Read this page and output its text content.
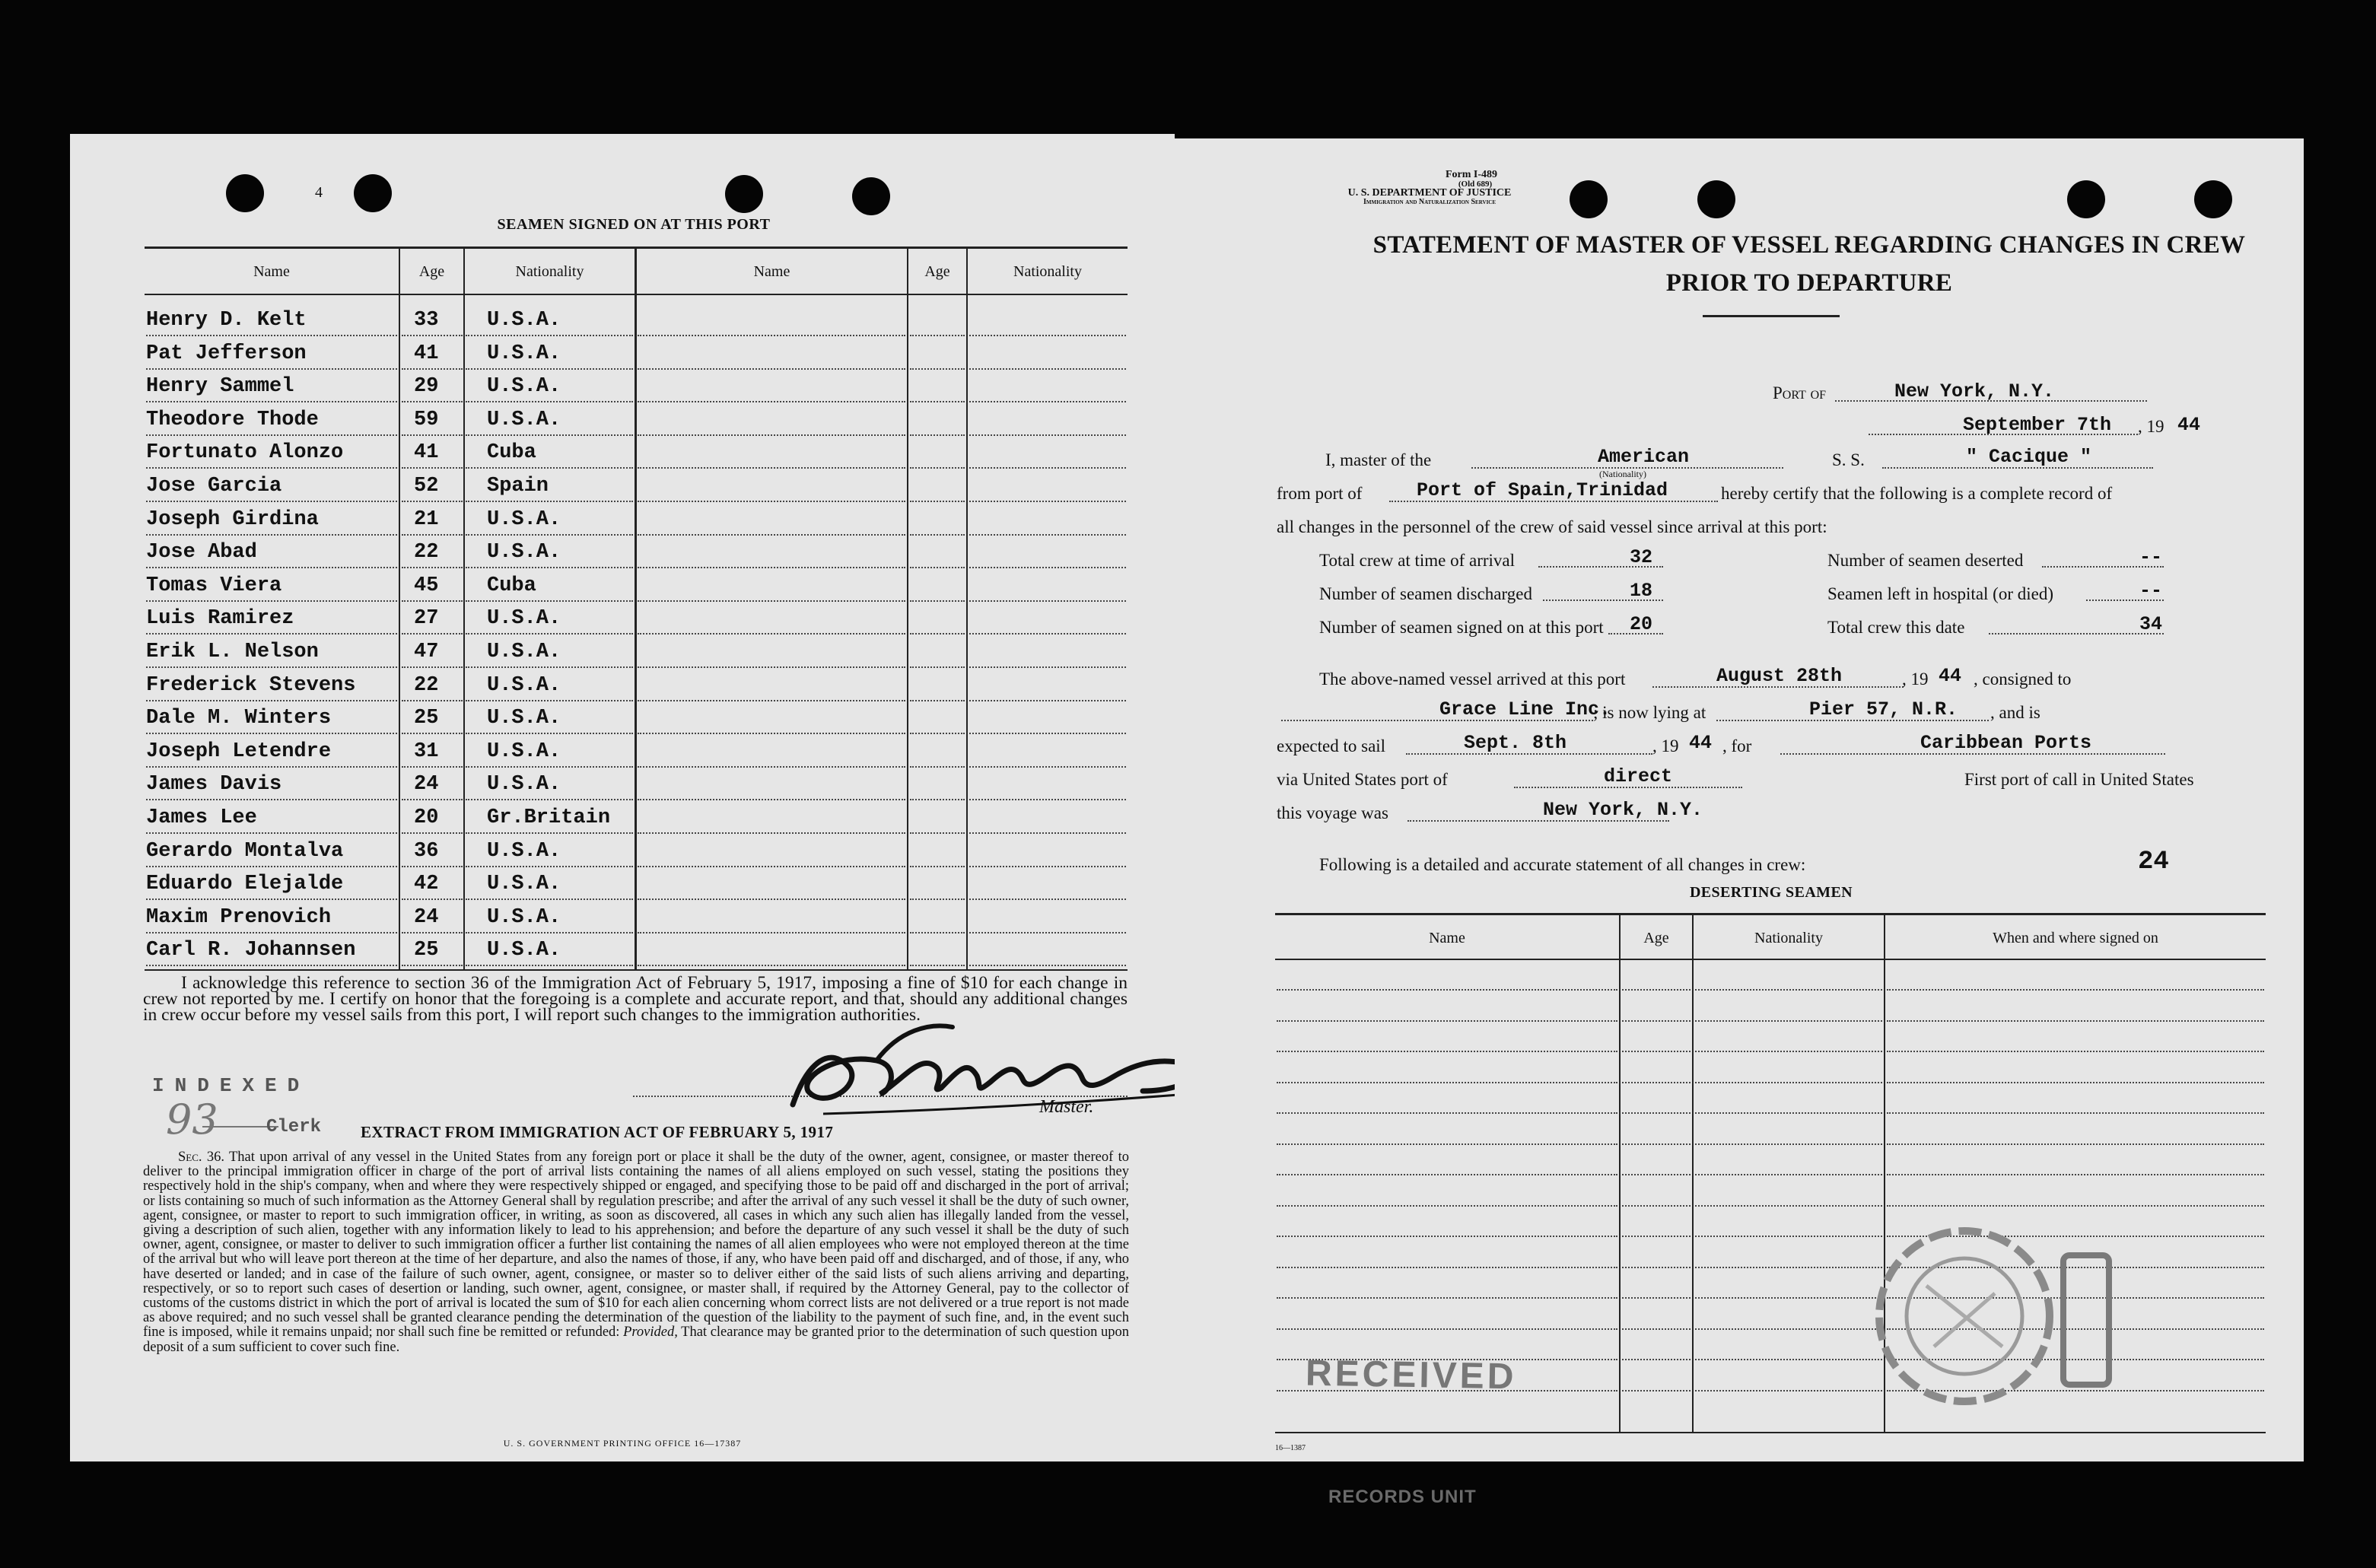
4
SEAMEN SIGNED ON AT THIS PORT
Name	Age	Nationality	Name	Age	Nationality
Henry D. Kelt	33 U.S.A.
Pat Jefferson	41 U.S.A.
Henry Sammel	29 U.S.A.
Theodore Thode	59 U.S.A.
Fortunato Alonzo	41 Cuba
Jose Garcia	52 Spain
Joseph Girdina	21 U.S.A.
Jose Abad	22 U.S.A.
Tomas Viera	45 Cuba
Luis Ramirez	27 U.S.A.
Erik L. Nelson	47 U.S.A.
Frederick Stevens	22 U.S.A.
Dale M. Winters	25 U.S.A.
Joseph Letendre	31 U.S.A.
James Davis	24 U.S.A.
James Lee	20 Gr.Britain
Gerardo Montalva	36 U.S.A.
Eduardo Elejalde	42 U.S.A.
Maxim Prenovich	24 U.S.A.
Carl R. Johannsen	25 U.S.A.
I acknowledge this reference to section 36 of the Immigration Act of February 5, 1917, imposing a fine of $10 for each change in crew not reported by me. I certify on honor that the foregoing is a complete and accurate report, and that, should any additional changes in crew occur before my vessel sails from this port, I will report such changes to the immigration authorities.
INDEXED
93	Clerk
Master.
EXTRACT FROM IMMIGRATION ACT OF FEBRUARY 5, 1917
Sec. 36. That upon arrival of any vessel in the United States from any foreign port or place it shall be the duty of the owner, agent, consignee, or master thereof to deliver to the principal immigration officer in charge of the port of arrival lists containing the names of all aliens employed on such vessel, stating the positions they respectively hold in the ship's company, when and where they were respectively shipped or engaged, and specifying those to be paid off and discharged in the port of arrival; or lists containing so much of such information as the Attorney General shall by regulation prescribe; and after the arrival of any such vessel it shall be the duty of such owner, agent, consignee, or master to report to such immigration officer, in writing, as soon as discovered, all cases in which any such alien has illegally landed from the vessel, giving a description of such alien, together with any information likely to lead to his apprehension; and before the departure of any such vessel it shall be the duty of such owner, agent, consignee, or master to deliver to such immigration officer a further list containing the names of all alien employees who were not employed thereon at the time of the arrival but who will leave port thereon at the time of her departure, and also the names of those, if any, who have been paid off and discharged, and of those, if any, who have deserted or landed; and in case of the failure of such owner, agent, consignee, or master so to deliver either of the said lists of such aliens arriving and departing, respectively, or so to report such cases of desertion or landing, such owner, agent, consignee, or master shall, if required by the Attorney General, pay to the collector of customs of the customs district in which the port of arrival is located the sum of $10 for each alien concerning whom correct lists are not delivered or a true report is not made as above required; and no such vessel shall be granted clearance pending the determination of the question of the liability to the payment of such fine, and, in the event such fine is imposed, while it remains unpaid; nor shall such fine be remitted or refunded: Provided, That clearance may be granted prior to the determination of such question upon deposit of a sum sufficient to cover such fine.
U. S. GOVERNMENT PRINTING OFFICE 16—17387
Form I-489
(Old 689)
U. S. DEPARTMENT OF JUSTICE
Immigration and Naturalization Service
STATEMENT OF MASTER OF VESSEL REGARDING CHANGES IN CREW
PRIOR TO DEPARTURE
Port of	New York, N.Y.
September 7th , 19 44
I, master of the	American
(Nationality)
S. S.	" Cacique "
from port of	Port of Spain,Trinidad	hereby certify that the following is a complete record of
all changes in the personnel of the crew of said vessel since arrival at this port:
Total crew at time of arrival	32	Number of seamen deserted	--
Number of seamen discharged	18	Seamen left in hospital (or died)	--
Number of seamen signed on at this port 20	Total crew this date	34
The above-named vessel arrived at this port	August 28th	, 19 44 , consigned to
Grace Line Inc.
; is now lying at	Pier 57, N.R. , and is
expected to sail	Sept. 8th	, 19 44 , for	Caribbean Ports
via United States port of	direct	First port of call in United States
this voyage was	New York, N.Y.
Following is a detailed and accurate statement of all changes in crew:	24
DESERTING SEAMEN
Name	Age	Nationality	When and where signed on
RECEIVED
16—1387
RECORDS UNIT
